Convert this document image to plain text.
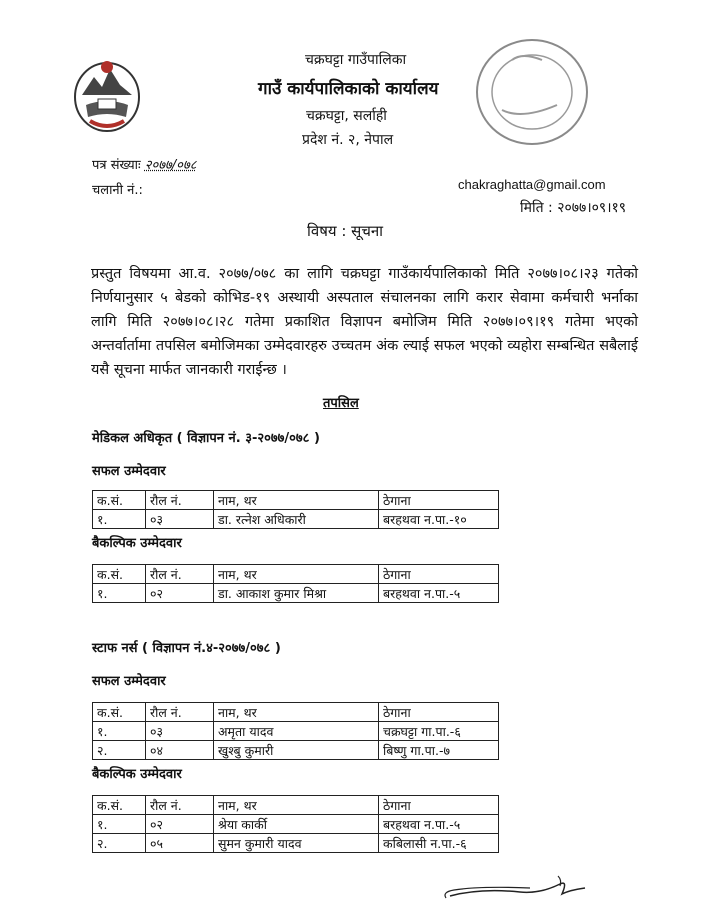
चक्रघट्टा गाउँपालिका
गाउँ कार्यपालिकाको कार्यालय
चक्रघट्टा, सर्लाही
प्रदेश नं. २, नेपाल
पत्र संख्याः २०७७/०७८
चलानी नं.:	chakraghatta@gmail.com
मिति : २०७७।०९।१९
विषय : सूचना
प्रस्तुत विषयमा आ.व. २०७७/०७८ का लागि चक्रघट्टा गाउँकार्यपालिकाको मिति २०७७।०८।२३ गतेको निर्णयानुसार ५ बेडको कोभिड-१९ अस्थायी अस्पताल संचालनका लागि करार सेवामा कर्मचारी भर्नाका लागि मिति २०७७।०८।२८ गतेमा प्रकाशित विज्ञापन बमोजिम मिति २०७७।०९।१९ गतेमा भएको अन्तर्वार्तामा तपसिल बमोजिमका उम्मेदवारहरु उच्चतम अंक ल्याई सफल भएको व्यहोरा सम्बन्धित सबैलाई यसै सूचना मार्फत जानकारी गराईन्छ ।
तपसिल
मेडिकल अधिकृत ( विज्ञापन नं. ३-२०७७/०७८ )
सफल उम्मेदवार
क.सं.	रौल नं.	नाम, थर	ठेगाना
१.	०३	डा. रत्नेश अधिकारी	बरहथवा न.पा.-१०
बैकल्पिक उम्मेदवार
क.सं.	रौल नं.	नाम, थर	ठेगाना
१.	०२	डा. आकाश कुमार मिश्रा	बरहथवा न.पा.-५
स्टाफ नर्स ( विज्ञापन नं.४-२०७७/०७८ )
सफल उम्मेदवार
क.सं.	रौल नं.	नाम, थर	ठेगाना
१.	०३	अमृता यादव	चक्रघट्टा गा.पा.-६
२.	०४	खुश्बु कुमारी	बिष्णु गा.पा.-७
बैकल्पिक उम्मेदवार
क.सं.	रौल नं.	नाम, थर	ठेगाना
१.	०२	श्रेया कार्की	बरहथवा न.पा.-५
२.	०५	सुमन कुमारी यादव	कबिलासी न.पा.-६
